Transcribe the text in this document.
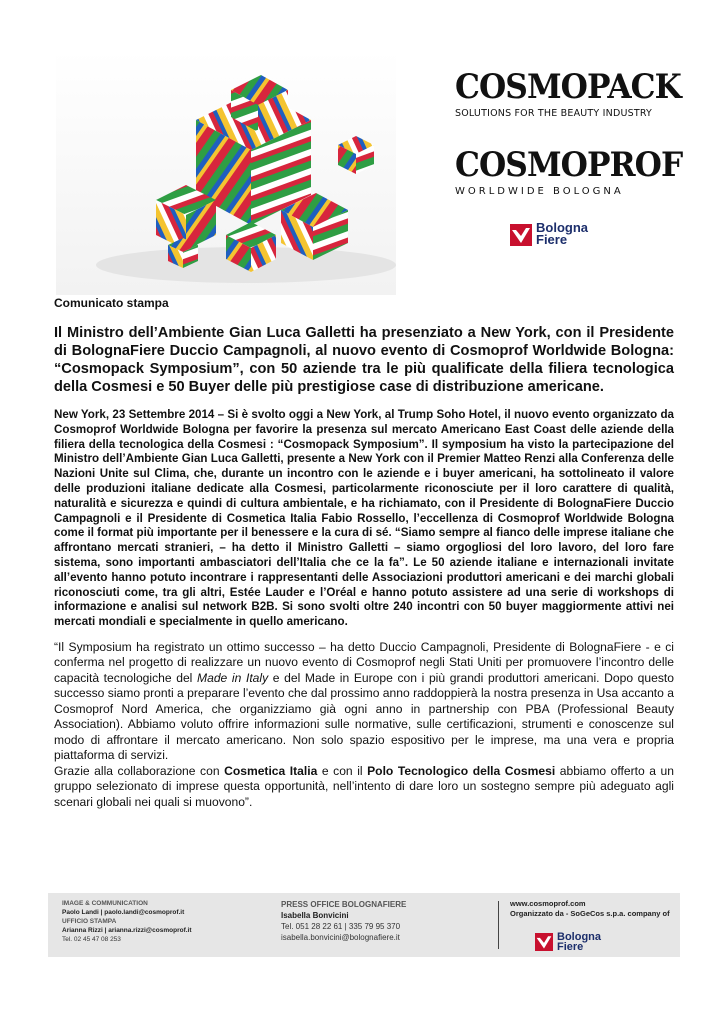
COSMOPACK
SOLUTIONS FOR THE BEAUTY INDUSTRY
COSMOPROF
WORLDWIDE BOLOGNA
Bologna
Fiere

Comunicato stampa

Il Ministro dell’Ambiente Gian Luca Galletti ha presenziato a New York, con il Presidente di BolognaFiere Duccio Campagnoli, al nuovo evento di Cosmoprof Worldwide Bologna: “Cosmopack Symposium”, con 50 aziende tra le più qualificate della filiera tecnologica della Cosmesi e 50 Buyer delle più prestigiose case di distribuzione americane.

New York, 23 Settembre 2014 – Si è svolto oggi a New York, al Trump Soho Hotel, il nuovo evento organizzato da Cosmoprof Worldwide Bologna per favorire la presenza sul mercato Americano East Coast delle aziende della filiera della tecnologica della Cosmesi : “Cosmopack Symposium”. Il symposium ha visto la partecipazione del Ministro dell’Ambiente Gian Luca Galletti, presente a New York con il Premier Matteo Renzi alla Conferenza delle Nazioni Unite sul Clima, che, durante un incontro con le aziende e i buyer americani, ha sottolineato il valore delle produzioni italiane dedicate alla Cosmesi, particolarmente riconosciute per il loro carattere di qualità, naturalità e sicurezza e quindi di cultura ambientale, e ha richiamato, con il Presidente di BolognaFiere Duccio Campagnoli e il Presidente di Cosmetica Italia Fabio Rossello, l’eccellenza di Cosmoprof Worldwide Bologna come il format più importante per il benessere e la cura di sé. “Siamo sempre al fianco delle imprese italiane che affrontano mercati stranieri, – ha detto il Ministro Galletti – siamo orgogliosi del loro lavoro, del loro fare sistema, sono importanti ambasciatori dell’Italia che ce la fa”. Le 50 aziende italiane e internazionali invitate all’evento hanno potuto incontrare i rappresentanti delle Associazioni produttori americani e dei marchi globali riconosciuti come, tra gli altri, Estée Lauder e l’Oréal e hanno potuto assistere ad una serie di workshops di informazione e analisi sul network B2B. Si sono svolti oltre 240 incontri con 50 buyer maggiormente attivi nei mercati mondiali e specialmente in quello americano.

“Il Symposium ha registrato un ottimo successo – ha detto Duccio Campagnoli, Presidente di BolognaFiere - e ci conferma nel progetto di realizzare un nuovo evento di Cosmoprof negli Stati Uniti per promuovere l’incontro delle capacità tecnologiche del Made in Italy e del Made in Europe con i più grandi produttori americani. Dopo questo successo siamo pronti a preparare l’evento che dal prossimo anno raddoppierà la nostra presenza in Usa accanto a Cosmoprof Nord America, che organizziamo già ogni anno in partnership con PBA (Professional Beauty Association). Abbiamo voluto offrire informazioni sulle normative, sulle certificazioni, strumenti e conoscenze sul modo di affrontare il mercato americano. Non solo spazio espositivo per le imprese, ma una vera e propria piattaforma di servizi.

Grazie alla collaborazione con Cosmetica Italia e con il Polo Tecnologico della Cosmesi abbiamo offerto a un gruppo selezionato di imprese questa opportunità, nell’intento di dare loro un sostegno sempre più adeguato agli scenari globali nei quali si muovono”.

IMAGE & COMMUNICATION
Paolo Landi | paolo.landi@cosmoprof.it
UFFICIO STAMPA
Arianna Rizzi | arianna.rizzi@cosmoprof.it
Tel. 02 45 47 08 253
PRESS OFFICE BOLOGNAFIERE
Isabella Bonvicini
Tel. 051 28 22 61 | 335 79 95 370
isabella.bonvicini@bolognafiere.it
www.cosmoprof.com
Organizzato da - SoGeCos s.p.a. company of
Bologna
Fiere
